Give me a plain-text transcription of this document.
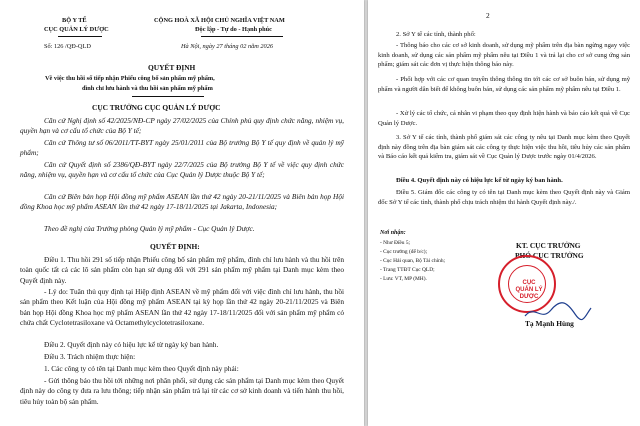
BỘ Y TẾ
CỤC QUẢN LÝ DƯỢC
Số: 126 /QĐ-QLD
CỘNG HOÀ XÃ HỘI CHỦ NGHĨA VIỆT NAM
Độc lập - Tự do - Hạnh phúc
Hà Nội, ngày 27 tháng 02 năm 2026
QUYẾT ĐỊNH
Về việc thu hồi số tiếp nhận Phiếu công bố sản phẩm mỹ phẩm,
đình chỉ lưu hành và thu hồi sản phẩm mỹ phẩm
CỤC TRƯỞNG CỤC QUẢN LÝ DƯỢC
Căn cứ Nghị định số 42/2025/NĐ-CP ngày 27/02/2025 của Chính phủ quy định chức năng, nhiệm vụ, quyền hạn và cơ cấu tổ chức của Bộ Y tế;
Căn cứ Thông tư số 06/2011/TT-BYT ngày 25/01/2011 của Bộ trưởng Bộ Y tế quy định về quản lý mỹ phẩm;
Căn cứ Quyết định số 2386/QĐ-BYT ngày 22/7/2025 của Bộ trưởng Bộ Y tế về việc quy định chức năng, nhiệm vụ, quyền hạn và cơ cấu tổ chức của Cục Quản lý Dược thuộc Bộ Y tế;
Căn cứ Biên bản họp Hội đồng mỹ phẩm ASEAN lần thứ 42 ngày 20-21/11/2025 và Biên bản họp Hội đồng Khoa học mỹ phẩm ASEAN lần thứ 42 ngày 17-18/11/2025 tại Jakarta, Indonesia;
Theo đề nghị của Trưởng phòng Quản lý mỹ phẩm - Cục Quản lý Dược.
QUYẾT ĐỊNH:
Điều 1. Thu hồi 291 số tiếp nhận Phiếu công bố sản phẩm mỹ phẩm, đình chỉ lưu hành và thu hồi trên toàn quốc tất cả các lô sản phẩm còn hạn sử dụng đối với 291 sản phẩm mỹ phẩm tại Danh mục kèm theo Quyết định này.
- Lý do: Tuân thủ quy định tại Hiệp định ASEAN về mỹ phẩm đối với việc đình chỉ lưu hành, thu hồi sản phẩm theo Kết luận của Hội đồng mỹ phẩm ASEAN tại kỳ họp lần thứ 42 ngày 20-21/11/2025 và Biên bản họp Hội đồng Khoa học mỹ phẩm ASEAN lần thứ 42 ngày 17-18/11/2025 đối với sản phẩm mỹ phẩm có chứa chất Cyclotetrasiloxane và Octamethylcyclotetrasiloxane.
Điều 2. Quyết định này có hiệu lực kể từ ngày ký ban hành.
Điều 3. Trách nhiệm thực hiện:
1. Các công ty có tên tại Danh mục kèm theo Quyết định này phải:
- Gửi thông báo thu hồi tới những nơi phân phối, sử dụng các sản phẩm tại Danh mục kèm theo Quyết định này do công ty đưa ra lưu thông; tiếp nhận sản phẩm trả lại từ các cơ sở kinh doanh và tiến hành thu hồi, tiêu hủy toàn bộ sản phẩm.
2
2. Sở Y tế các tỉnh, thành phố:
- Thông báo cho các cơ sở kinh doanh, sử dụng mỹ phẩm trên địa bàn ngừng ngay việc kinh doanh, sử dụng các sản phẩm mỹ phẩm nêu tại Điều 1 và trả lại cho cơ sở cung ứng sản phẩm; giám sát các đơn vị thực hiện thông báo này.
- Phối hợp với các cơ quan truyền thông thông tin tới các cơ sở buôn bán, sử dụng mỹ phẩm và người dân biết để không buôn bán, sử dụng các sản phẩm mỹ phẩm nêu tại Điều 1.
- Xử lý các tổ chức, cá nhân vi phạm theo quy định hiện hành và báo cáo kết quả về Cục Quản lý Dược.
3. Sở Y tế các tỉnh, thành phố giám sát các công ty nêu tại Danh mục kèm theo Quyết định này đồng trên địa bàn giám sát các công ty thực hiện việc thu hồi, tiêu hủy các sản phẩm và Báo cáo kết quả kiểm tra, giám sát về Cục Quản lý Dược trước ngày 01/4/2026.
Điều 4. Quyết định này có hiệu lực kể từ ngày ký ban hành.
Điều 5. Giám đốc các công ty có tên tại Danh mục kèm theo Quyết định này và Giám đốc Sở Y tế các tỉnh, thành phố chịu trách nhiệm thi hành Quyết định này./.
Nơi nhận:
- Như Điều 5;
- Cục trưởng (để b/c);
- Cục Hải quan, Bộ Tài chính;
- Trang TTĐT Cục QLD;
- Lưu: VT, MP (MH).
KT. CỤC TRƯỞNG
PHÓ CỤC TRƯỞNG
CỤC QUẢN LÝ DƯỢC
Tạ Mạnh Hùng
